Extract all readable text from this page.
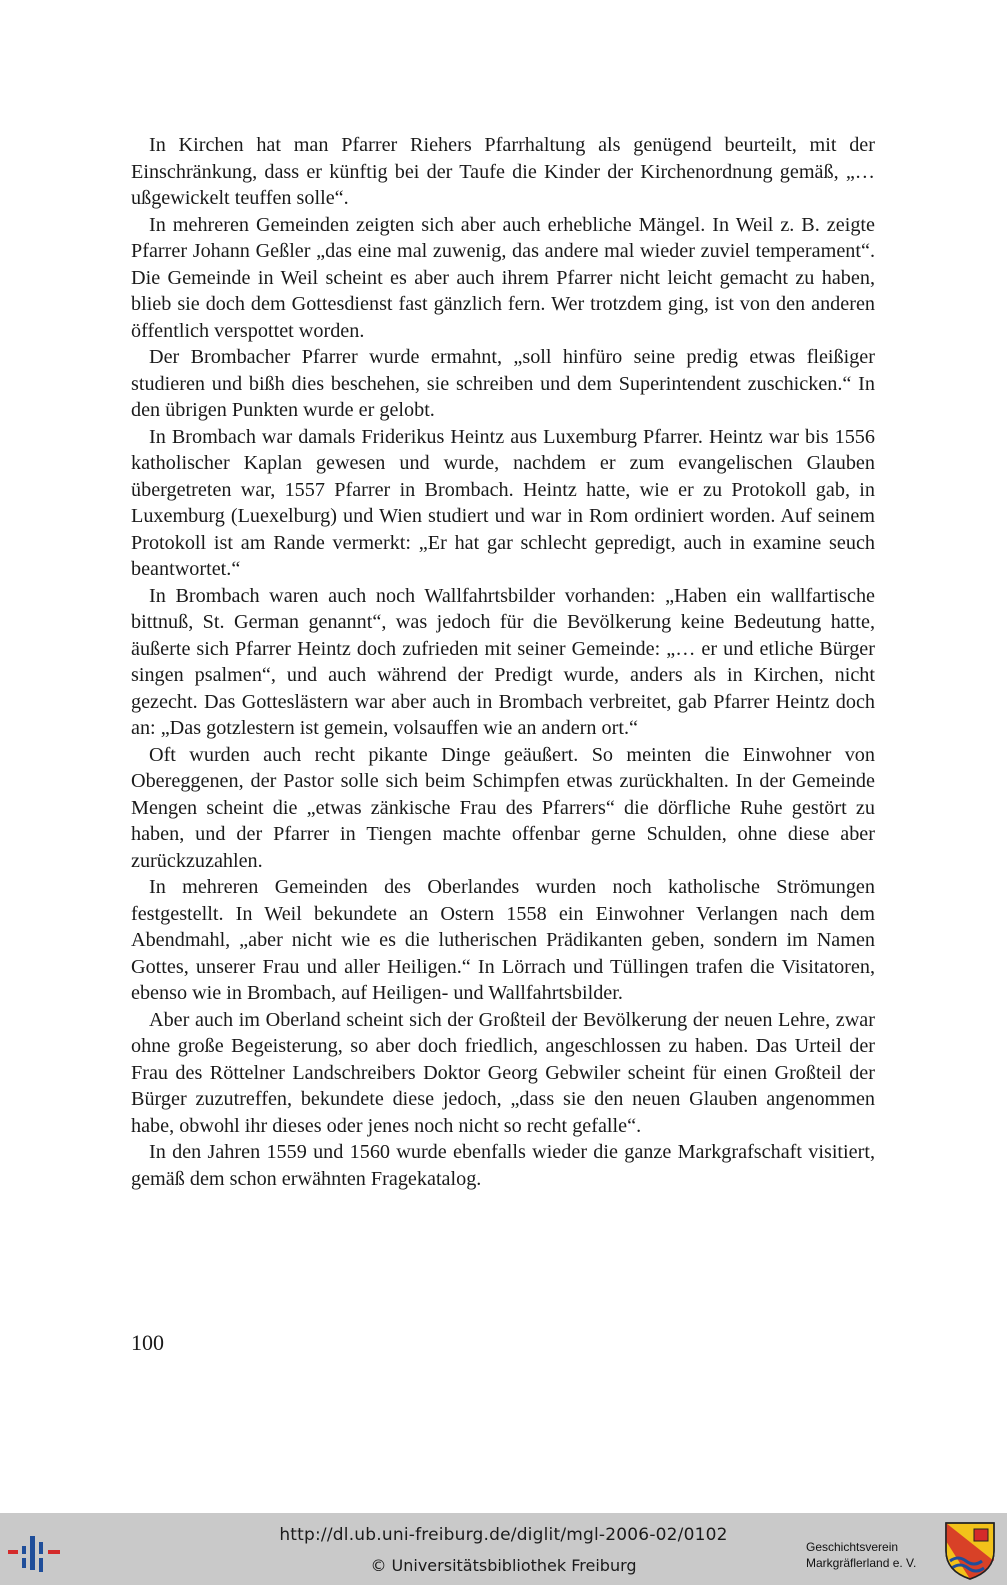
In Kirchen hat man Pfarrer Riehers Pfarrhaltung als genügend beurteilt, mit der Einschränkung, dass er künftig bei der Taufe die Kinder der Kirchenordnung gemäß, „… ußgewickelt teuffen solle“.

In mehreren Gemeinden zeigten sich aber auch erhebliche Mängel. In Weil z. B. zeigte Pfarrer Johann Geßler „das eine mal zuwenig, das andere mal wieder zuviel temperament“. Die Gemeinde in Weil scheint es aber auch ihrem Pfarrer nicht leicht gemacht zu haben, blieb sie doch dem Gottesdienst fast gänzlich fern. Wer trotzdem ging, ist von den anderen öffentlich verspottet worden.

Der Brombacher Pfarrer wurde ermahnt, „soll hinfüro seine predig etwas fleißiger studieren und bißh dies beschehen, sie schreiben und dem Superintendent zuschicken.“ In den übrigen Punkten wurde er gelobt.

In Brombach war damals Friderikus Heintz aus Luxemburg Pfarrer. Heintz war bis 1556 katholischer Kaplan gewesen und wurde, nachdem er zum evangelischen Glauben übergetreten war, 1557 Pfarrer in Brombach. Heintz hatte, wie er zu Protokoll gab, in Luxemburg (Luexelburg) und Wien studiert und war in Rom ordiniert worden. Auf seinem Protokoll ist am Rande vermerkt: „Er hat gar schlecht gepredigt, auch in examine seuch beantwortet.“

In Brombach waren auch noch Wallfahrtsbilder vorhanden: „Haben ein wallfartische bittnuß, St. German genannt“, was jedoch für die Bevölkerung keine Bedeutung hatte, äußerte sich Pfarrer Heintz doch zufrieden mit seiner Gemeinde: „… er und etliche Bürger singen psalmen“, und auch während der Predigt wurde, anders als in Kirchen, nicht gezecht. Das Gotteslästern war aber auch in Brombach verbreitet, gab Pfarrer Heintz doch an: „Das gotzlestern ist gemein, volsauffen wie an andern ort.“

Oft wurden auch recht pikante Dinge geäußert. So meinten die Einwohner von Obereggenen, der Pastor solle sich beim Schimpfen etwas zurückhalten. In der Gemeinde Mengen scheint die „etwas zänkische Frau des Pfarrers“ die dörfliche Ruhe gestört zu haben, und der Pfarrer in Tiengen machte offenbar gerne Schulden, ohne diese aber zurückzuzahlen.

In mehreren Gemeinden des Oberlandes wurden noch katholische Strömungen festgestellt. In Weil bekundete an Ostern 1558 ein Einwohner Verlangen nach dem Abendmahl, „aber nicht wie es die lutherischen Prädikanten geben, sondern im Namen Gottes, unserer Frau und aller Heiligen.“ In Lörrach und Tüllingen trafen die Visitatoren, ebenso wie in Brombach, auf Heiligen- und Wallfahrtsbilder.

Aber auch im Oberland scheint sich der Großteil der Bevölkerung der neuen Lehre, zwar ohne große Begeisterung, so aber doch friedlich, angeschlossen zu haben. Das Urteil der Frau des Röttelner Landschreibers Doktor Georg Gebwiler scheint für einen Großteil der Bürger zuzutreffen, bekundete diese jedoch, „dass sie den neuen Glauben angenommen habe, obwohl ihr dieses oder jenes noch nicht so recht gefalle“.

In den Jahren 1559 und 1560 wurde ebenfalls wieder die ganze Markgrafschaft visitiert, gemäß dem schon erwähnten Fragekatalog.

100
http://dl.ub.uni-freiburg.de/diglit/mgl-2006-02/0102
© Universitätsbibliothek Freiburg
Geschichtsverein
Markgräflerland e. V.
